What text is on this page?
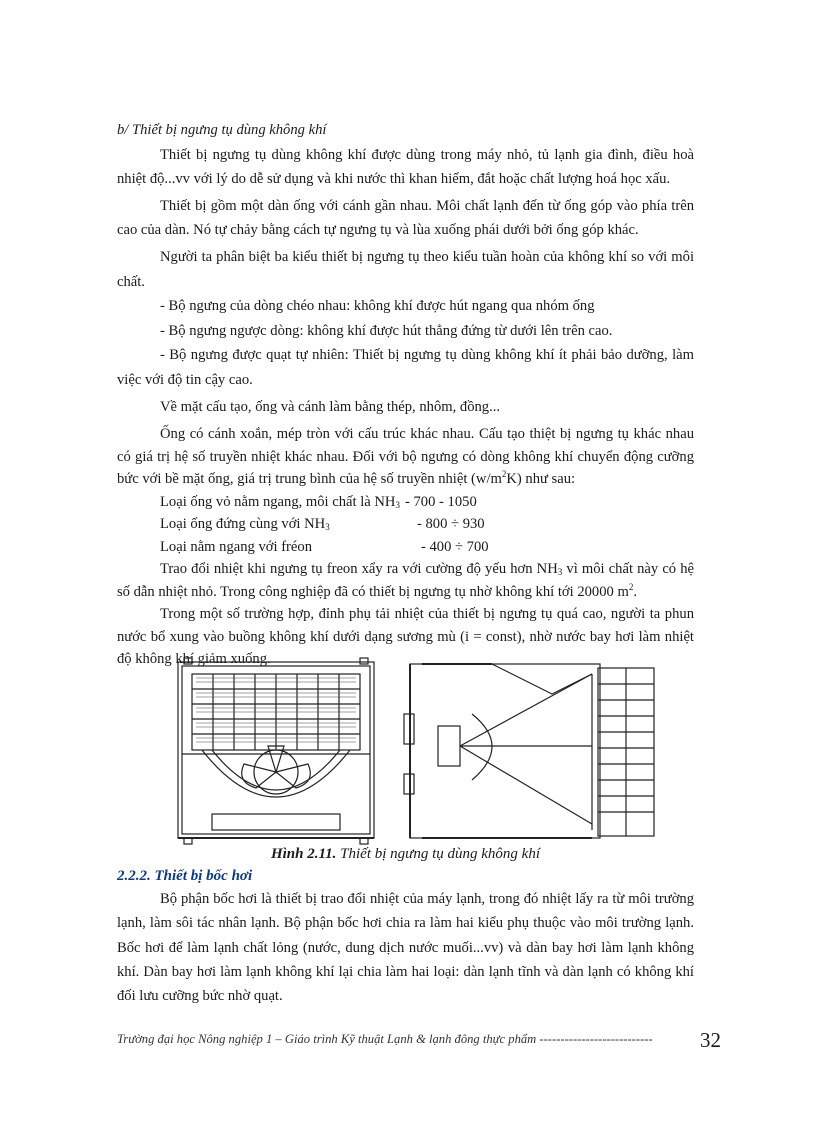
b/ Thiết bị ngưng tụ dùng không khí

Thiết bị ngưng tụ dùng không khí được dùng trong máy nhỏ, tủ lạnh gia đình, điều hoà nhiệt độ...vv với lý do dễ sử dụng và khi nước thì khan hiếm, đắt hoặc chất lượng hoá học xấu.

Thiết bị gồm một dàn ống với cánh gần nhau. Môi chất lạnh đến từ ống góp vào phía trên cao của dàn. Nó tự chảy bằng cách tự ngưng tụ và lùa xuống phái dưới bởi ống góp khác.

Người ta phân biệt ba kiểu thiết bị ngưng tụ theo kiểu tuần hoàn của không khí so với môi chất.

- Bộ ngưng của dòng chéo nhau: không khí được hút ngang qua nhóm ống

- Bộ ngưng ngược dòng: không khí được hút thẳng đứng từ dưới lên trên cao.

- Bộ ngưng được quạt tự nhiên: Thiết bị ngưng tụ dùng không khí ít phải bảo dưỡng, làm việc với độ tin cậy cao.

Về mặt cấu tạo, ống và cánh làm bằng thép, nhôm, đồng...

Ống có cánh xoắn, mép tròn với cấu trúc khác nhau. Cấu tạo thiệt bị ngưng tụ khác nhau có giá trị hệ số truyền nhiệt khác nhau. Đối với bộ ngưng có dòng không khí chuyển động cưỡng bức với bề mặt ống, giá trị trung bình của hệ số truyền nhiệt $(w/m^2K)$ như sau:

Loại ống vỏ nằm ngang, môi chất là $NH_3 - 700 - 1050$
Loại ống đứng cùng với $NH_3$	- 800 ÷ 930
Loại nằm ngang với fréon	- 400 ÷ 700

Trao đổi nhiệt khi ngưng tụ freon xẩy ra với cường độ yếu hơn $NH_3$ vì môi chất này có hệ số dẫn nhiệt nhỏ. Trong công nghiệp đã có thiết bị ngưng tụ nhờ không khí tới 20000 $m^2$.

Trong một số trường hợp, đỉnh phụ tải nhiệt của thiết bị ngưng tụ quá cao, người ta phun nước bổ xung vào buồng không khí dưới dạng sương mù (i = const), nhờ nước bay hơi làm nhiệt độ không khí giảm xuống.

Hình 2.11. Thiết bị ngưng tụ dùng không khí
2.2.2. Thiết bị bốc hơi

Bộ phận bốc hơi là thiết bị trao đổi nhiệt của máy lạnh, trong đó nhiệt lấy ra từ môi trường lạnh, làm sôi tác nhân lạnh. Bộ phận bốc hơi chia ra làm hai kiểu phụ thuộc vào môi trường lạnh. Bốc hơi để làm lạnh chất lỏng (nước, dung dịch nước muối...vv) và dàn bay hơi làm lạnh không khí. Dàn bay hơi làm lạnh không khí lại chia làm hai loại: dàn lạnh tĩnh và dàn lạnh có không khí đối lưu cưỡng bức nhờ quạt.

Trường đại học Nông nghiệp 1 – Giáo trình Kỹ thuật Lạnh & lạnh đông thực phẩm ---------------------------	32
